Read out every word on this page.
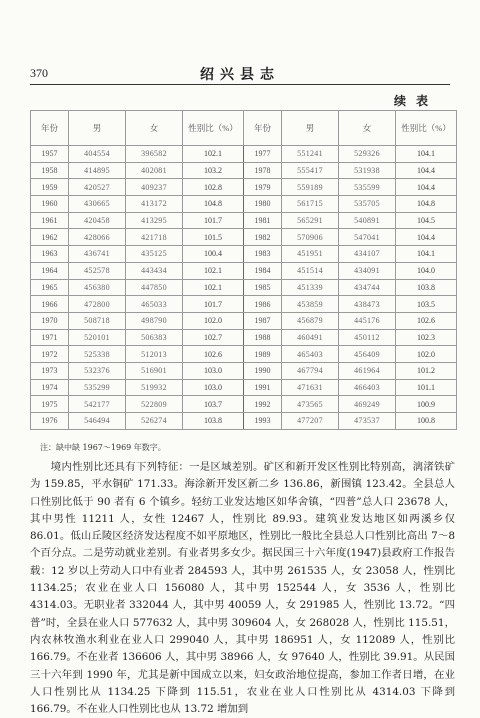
370	绍兴县志
续表
年份	男	女	性别比（%）	年份	男	女	性别比（%）
1957	404554	396582	102.1	1977	551241	529326	104.1
1958	414895	402081	103.2	1978	555417	531938	104.4
1959	420527	409237	102.8	1979	559189	535599	104.4
1960	430665	413172	104.8	1980	561715	535705	104.8
1961	420458	413295	101.7	1981	565291	540891	104.5
1962	428066	421718	101.5	1982	570906	547041	104.4
1963	436741	435125	100.4	1983	451951	434107	104.1
1964	452578	443434	102.1	1984	451514	434091	104.0
1965	456380	447850	102.1	1985	451339	434744	103.8
1966	472800	465033	101.7	1986	453859	438473	103.5
1970	508718	498790	102.0	1987	456879	445176	102.6
1971	520101	506383	102.7	1988	460491	450112	102.3
1972	525338	512013	102.6	1989	465403	456409	102.0
1973	532376	516901	103.0	1990	467794	461964	101.2
1974	535299	519932	103.0	1991	471631	466403	101.1
1975	542177	522809	103.7	1992	473565	469249	100.9
1976	546494	526274	103.8	1993	477207	473537	100.8
注：缺中缺 1967～1969 年数字。

境内性别比还具有下列特征：一是区域差别。矿区和新开发区性别比特别高，漓渚铁矿为 159.85，平水铜矿 171.33。海涂新开发区新二乡 136.86，新围镇 123.42。全县总人口性别比低于 90 者有 6 个镇乡。轻纺工业发达地区如华舍镇，“四普”总人口 23678 人，其中男性 11211 人，女性 12467 人，性别比 89.93。建筑业发达地区如两溪乡仅 86.01。低山丘陵区经济发达程度不如平原地区，性别比一般比全县总人口性别比高出 7～8 个百分点。二是劳动就业差别。有业者男多女少。据民国三十六年度(1947)县政府工作报告载：12 岁以上劳动人口中有业者 284593 人，其中男 261535 人，女 23058 人，性别比 1134.25；农业在业人口 156080 人，其中男 152544 人，女 3536 人，性别比 4314.03。无职业者 332044 人，其中男 40059 人，女 291985 人，性别比 13.72。“四普”时，全县在业人口 577632 人，其中男 309604 人，女 268028 人，性别比 115.51，内农林牧渔水利业在业人口 299040 人，其中男 186951 人，女 112089 人，性别比 166.79。不在业者 136606 人，其中男 38966 人，女 97640 人，性别比 39.91。从民国三十六年到 1990 年，尤其是新中国成立以来，妇女政治地位提高，参加工作者日增，在业人口性别比从 1134.25 下降到 115.51，农业在业人口性别比从 4314.03 下降到 166.79。不在业人口性别比也从 13.72 增加到
